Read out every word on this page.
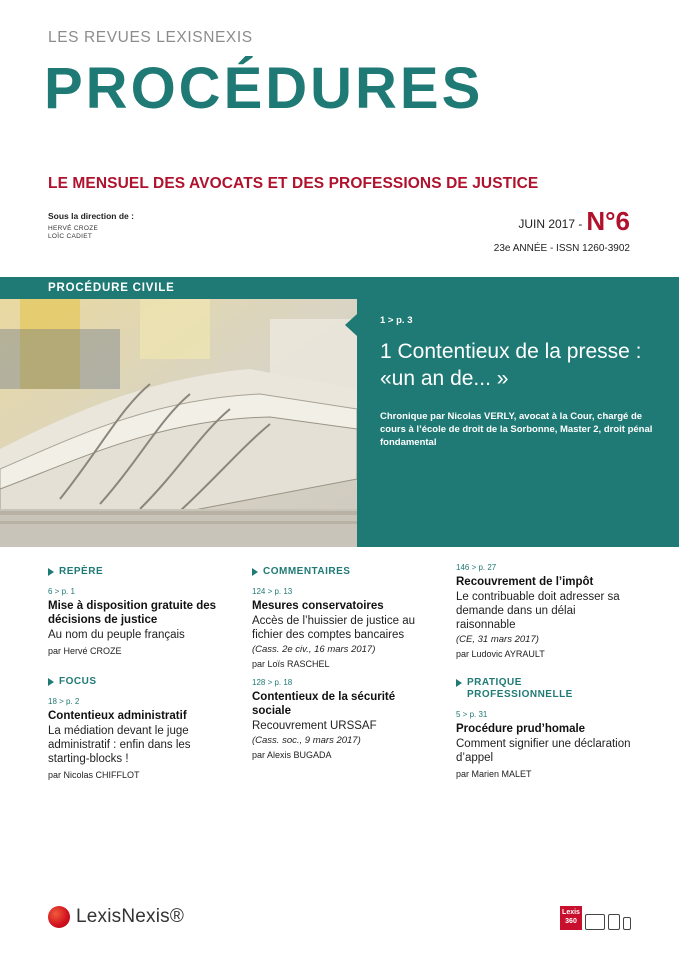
LES REVUES LEXISNEXIS
PROCÉDURES
LE MENSUEL DES AVOCATS ET DES PROFESSIONS DE JUSTICE
Sous la direction de :
HERVÉ CROZE
LOÏC CADIET
JUIN 2017 - N°6
23e ANNÉE - ISSN 1260-3902
PROCÉDURE CIVILE
1 > p. 3
1 Contentieux de la presse : «un an de... »
Chronique par Nicolas VERLY, avocat à la Cour, chargé de cours à l’école de droit de la Sorbonne, Master 2, droit pénal fondamental
REPÈRE
6 > p. 1
Mise à disposition gratuite des décisions de justice
Au nom du peuple français
par Hervé CROZE
FOCUS
18 > p. 2
Contentieux administratif
La médiation devant le juge administratif : enfin dans les starting-blocks !
par Nicolas CHIFFLOT
COMMENTAIRES
124 > p. 13
Mesures conservatoires
Accès de l’huissier de justice au fichier des comptes bancaires
(Cass. 2e civ., 16 mars 2017)
par Loïs RASCHEL
128 > p. 18
Contentieux de la sécurité sociale
Recouvrement URSSAF
(Cass. soc., 9 mars 2017)
par Alexis BUGADA
146 > p. 27
Recouvrement de l’impôt
Le contribuable doit adresser sa demande dans un délai raisonnable
(CE, 31 mars 2017)
par Ludovic AYRAULT
PRATIQUE PROFESSIONNELLE
5 > p. 31
Procédure prud’homale
Comment signifier une déclaration d’appel
par Marien MALET
LexisNexis®	Lexis 360
